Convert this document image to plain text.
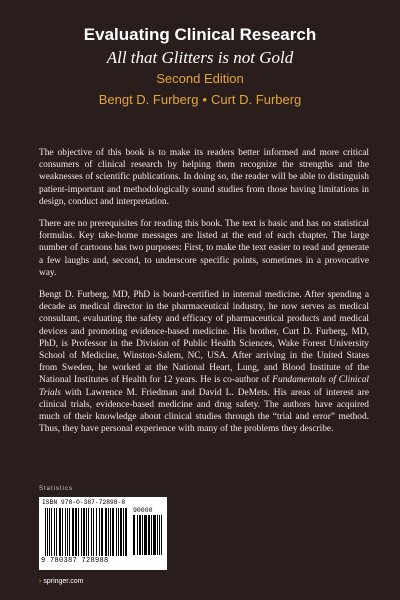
Evaluating Clinical Research
All that Glitters is not Gold
Second Edition
Bengt D. Furberg • Curt D. Furberg

The objective of this book is to make its readers better informed and more critical consumers of clinical research by helping them recognize the strengths and the weaknesses of scientific publications. In doing so, the reader will be able to distinguish patient-important and methodologically sound studies from those having limitations in design, conduct and interpretation.

There are no prerequisites for reading this book. The text is basic and has no statistical formulas. Key take-home messages are listed at the end of each chapter. The large number of cartoons has two purposes: First, to make the text easier to read and generate a few laughs and, second, to underscore specific points, sometimes in a provocative way.

Bengt D. Furberg, MD, PhD is board-certified in internal medicine. After spending a decade as medical director in the pharmaceutical industry, he now serves as medical consultant, evaluating the safety and efficacy of pharmaceutical products and medical devices and promoting evidence-based medicine. His brother, Curt D. Furberg, MD, PhD, is Professor in the Division of Public Health Sciences, Wake Forest University School of Medicine, Winston-Salem, NC, USA. After arriving in the United States from Sweden, he worked at the National Heart, Lung, and Blood Institute of the National Institutes of Health for 12 years. He is co-author of Fundamentals of Clinical Trials with Lawrence M. Friedman and David L. DeMets. His areas of interest are clinical trials, evidence-based medicine and drug safety. The authors have acquired much of their knowledge about clinical studies through the “trial and error” method. Thus, they have personal experience with many of the problems they describe.

Statistics
ISBN 978-0-387-72898-8
90000
9 780387 728988
› springer.com
